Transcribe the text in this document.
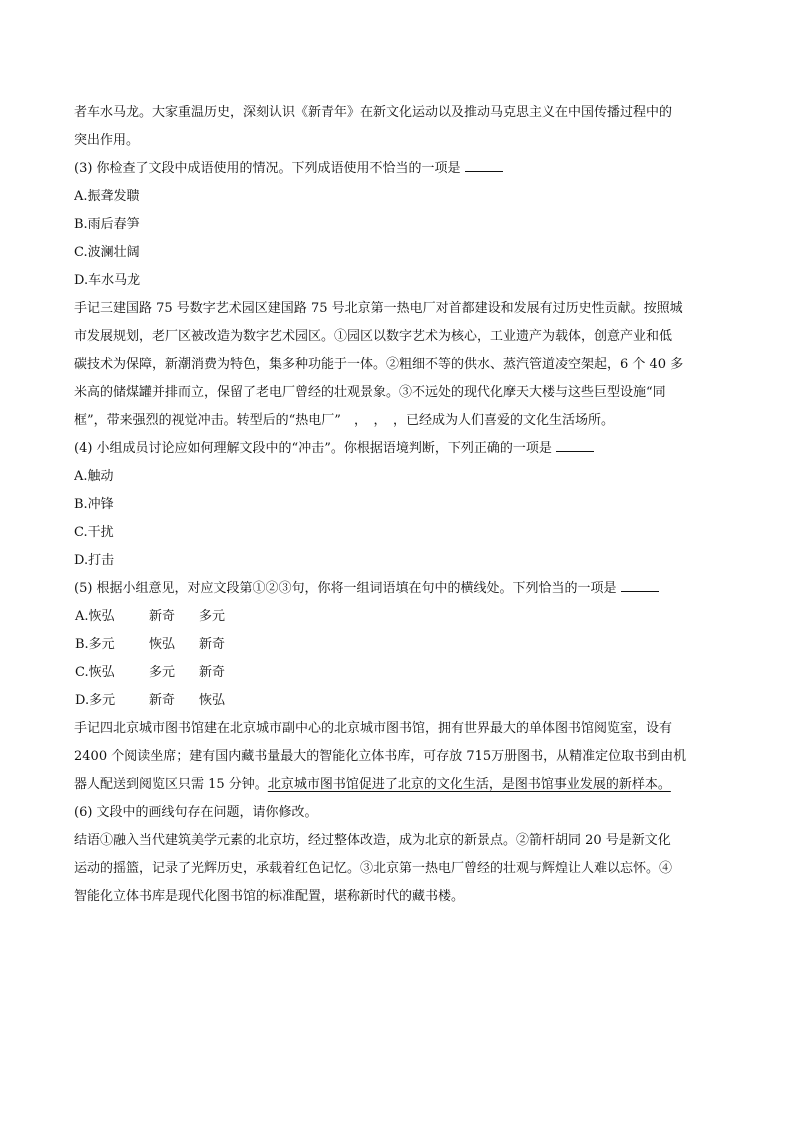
者车水马龙。大家重温历史，深刻认识《新青年》在新文化运动以及推动马克思主义在中国传播过程中的
突出作用。
(3) 你检查了文段中成语使用的情况。下列成语使用不恰当的一项是
A.振聋发聩
B.雨后春笋
C.波澜壮阔
D.车水马龙
手记三建国路 75 号数字艺术园区建国路 75 号北京第一热电厂对首都建设和发展有过历史性贡献。按照城
市发展规划，老厂区被改造为数字艺术园区。①园区以数字艺术为核心，工业遗产为载体，创意产业和低
碳技术为保障，新潮消费为特色，集多种功能于一体。②粗细不等的供水、蒸汽管道凌空架起，6 个 40 多
米高的储煤罐并排而立，保留了老电厂曾经的壮观景象。③不远处的现代化摩天大楼与这些巨型设施“同
框”，带来强烈的视觉冲击。转型后的“热电厂”　，　，　，已经成为人们喜爱的文化生活场所。
(4) 小组成员讨论应如何理解文段中的“冲击”。你根据语境判断，下列正确的一项是
A.触动
B.冲锋
C.干扰
D.打击
(5) 根据小组意见，对应文段第①②③句，你将一组词语填在句中的横线处。下列恰当的一项是
A.恢弘	新奇 多元
B.多元	恢弘 新奇
C.恢弘	多元 新奇
D.多元	新奇 恢弘
手记四北京城市图书馆建在北京城市副中心的北京城市图书馆，拥有世界最大的单体图书馆阅览室，设有
2400 个阅读坐席；建有国内藏书量最大的智能化立体书库，可存放 715万册图书，从精准定位取书到由机
器人配送到阅览区只需 15 分钟。北京城市图书馆促进了北京的文化生活，是图书馆事业发展的新样本。
(6) 文段中的画线句存在问题，请你修改。
结语①融入当代建筑美学元素的北京坊，经过整体改造，成为北京的新景点。②箭杆胡同 20 号是新文化
运动的摇篮，记录了光辉历史，承载着红色记忆。③北京第一热电厂曾经的壮观与辉煌让人难以忘怀。④
智能化立体书库是现代化图书馆的标准配置，堪称新时代的藏书楼。
